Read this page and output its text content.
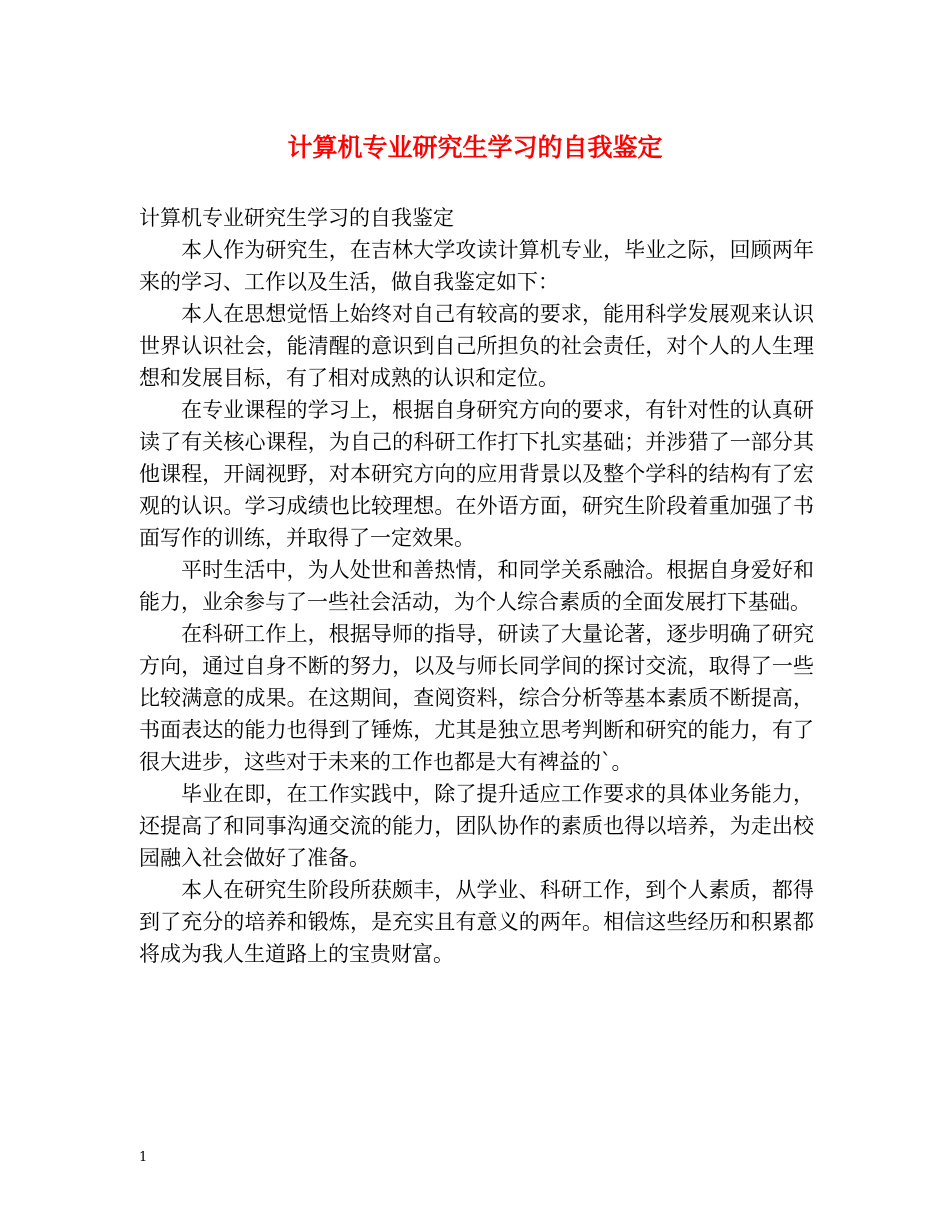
计算机专业研究生学习的自我鉴定

计算机专业研究生学习的自我鉴定

本人作为研究生，在吉林大学攻读计算机专业，毕业之际，回顾两年来的学习、工作以及生活，做自我鉴定如下：

本人在思想觉悟上始终对自己有较高的要求，能用科学发展观来认识世界认识社会，能清醒的意识到自己所担负的社会责任，对个人的人生理想和发展目标，有了相对成熟的认识和定位。

在专业课程的学习上，根据自身研究方向的要求，有针对性的认真研读了有关核心课程，为自己的科研工作打下扎实基础；并涉猎了一部分其他课程，开阔视野，对本研究方向的应用背景以及整个学科的结构有了宏观的认识。学习成绩也比较理想。在外语方面，研究生阶段着重加强了书面写作的训练，并取得了一定效果。

平时生活中，为人处世和善热情，和同学关系融洽。根据自身爱好和能力，业余参与了一些社会活动，为个人综合素质的全面发展打下基础。

在科研工作上，根据导师的指导，研读了大量论著，逐步明确了研究方向，通过自身不断的努力，以及与师长同学间的探讨交流，取得了一些比较满意的成果。在这期间，查阅资料，综合分析等基本素质不断提高，书面表达的能力也得到了锤炼，尤其是独立思考判断和研究的能力，有了很大进步，这些对于未来的工作也都是大有裨益的`。

毕业在即，在工作实践中，除了提升适应工作要求的具体业务能力，还提高了和同事沟通交流的能力，团队协作的素质也得以培养，为走出校园融入社会做好了准备。

本人在研究生阶段所获颇丰，从学业、科研工作，到个人素质，都得到了充分的培养和锻炼，是充实且有意义的两年。相信这些经历和积累都将成为我人生道路上的宝贵财富。

1
